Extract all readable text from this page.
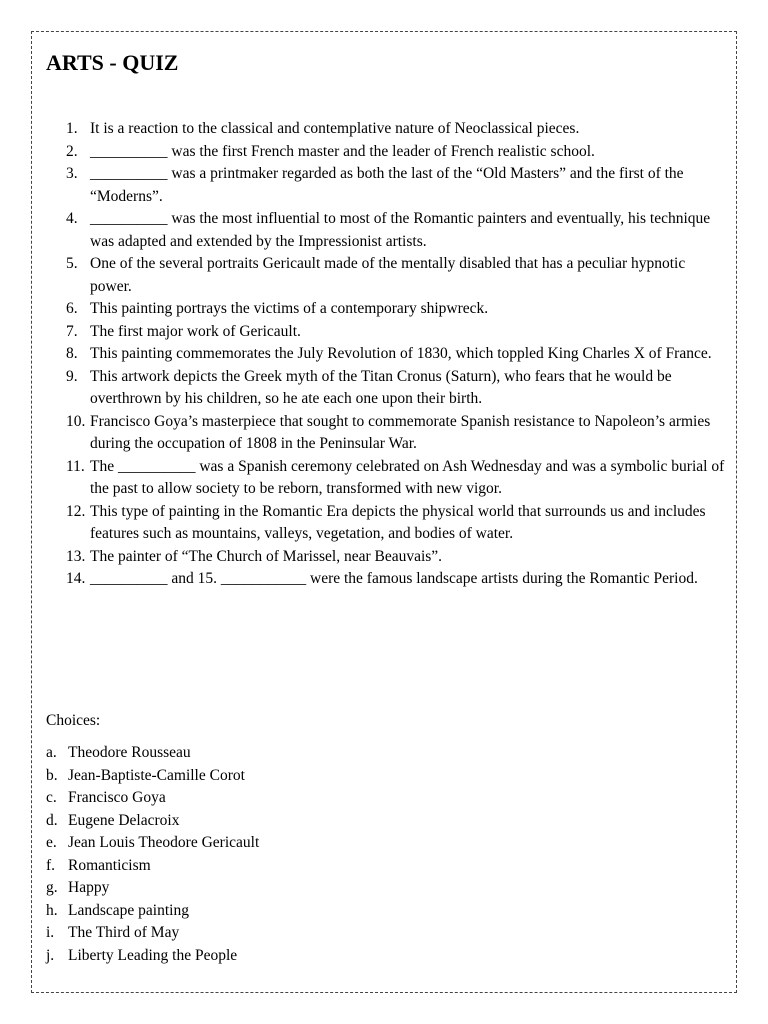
ARTS - QUIZ
1. It is a reaction to the classical and contemplative nature of Neoclassical pieces.
2. __________ was the first French master and the leader of French realistic school.
3. __________ was a printmaker regarded as both the last of the “Old Masters” and the first of the “Moderns”.
4. __________ was the most influential to most of the Romantic painters and eventually, his technique was adapted and extended by the Impressionist artists.
5. One of the several portraits Gericault made of the mentally disabled that has a peculiar hypnotic power.
6. This painting portrays the victims of a contemporary shipwreck.
7. The first major work of Gericault.
8. This painting commemorates the July Revolution of 1830, which toppled King Charles X of France.
9. This artwork depicts the Greek myth of the Titan Cronus (Saturn), who fears that he would be overthrown by his children, so he ate each one upon their birth.
10. Francisco Goya’s masterpiece that sought to commemorate Spanish resistance to Napoleon’s armies during the occupation of 1808 in the Peninsular War.
11. The __________ was a Spanish ceremony celebrated on Ash Wednesday and was a symbolic burial of the past to allow society to be reborn, transformed with new vigor.
12. This type of painting in the Romantic Era depicts the physical world that surrounds us and includes features such as mountains, valleys, vegetation, and bodies of water.
13. The painter of “The Church of Marissel, near Beauvais”.
14. __________ and 15. ___________ were the famous landscape artists during the Romantic Period.

Choices:

a. Theodore Rousseau
b. Jean-Baptiste-Camille Corot
c. Francisco Goya
d. Eugene Delacroix
e. Jean Louis Theodore Gericault
f. Romanticism
g. Happy
h. Landscape painting
i. The Third of May
j. Liberty Leading the People
